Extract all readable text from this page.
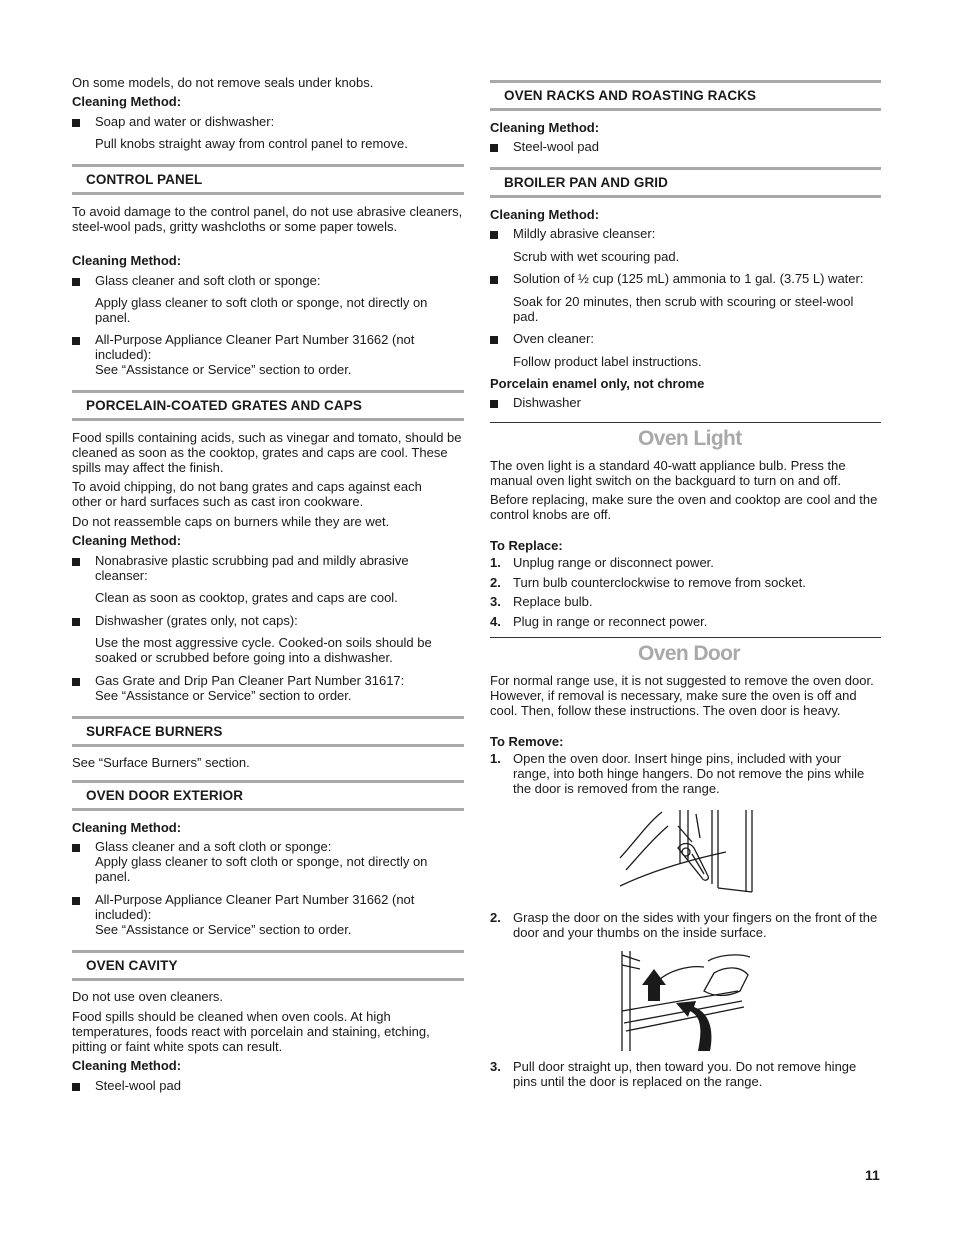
On some models, do not remove seals under knobs.

Cleaning Method:

Soap and water or dishwasher:

Pull knobs straight away from control panel to remove.

CONTROL PANEL

To avoid damage to the control panel, do not use abrasive cleaners, steel-wool pads, gritty washcloths or some paper towels.

Cleaning Method:

Glass cleaner and soft cloth or sponge:

Apply glass cleaner to soft cloth or sponge, not directly on panel.

All-Purpose Appliance Cleaner Part Number 31662 (not included):

See “Assistance or Service” section to order.

PORCELAIN-COATED GRATES AND CAPS

Food spills containing acids, such as vinegar and tomato, should be cleaned as soon as the cooktop, grates and caps are cool. These spills may affect the finish.

To avoid chipping, do not bang grates and caps against each other or hard surfaces such as cast iron cookware.

Do not reassemble caps on burners while they are wet.

Cleaning Method:

Nonabrasive plastic scrubbing pad and mildly abrasive cleanser:

Clean as soon as cooktop, grates and caps are cool.

Dishwasher (grates only, not caps):

Use the most aggressive cycle. Cooked-on soils should be soaked or scrubbed before going into a dishwasher.

Gas Grate and Drip Pan Cleaner Part Number 31617:

See “Assistance or Service” section to order.

SURFACE BURNERS

See “Surface Burners” section.

OVEN DOOR EXTERIOR

Cleaning Method:

Glass cleaner and a soft cloth or sponge:

Apply glass cleaner to soft cloth or sponge, not directly on panel.

All-Purpose Appliance Cleaner Part Number 31662 (not included):

See “Assistance or Service” section to order.

OVEN CAVITY

Do not use oven cleaners.

Food spills should be cleaned when oven cools. At high temperatures, foods react with porcelain and staining, etching, pitting or faint white spots can result.

Cleaning Method:

Steel-wool pad

OVEN RACKS AND ROASTING RACKS

Cleaning Method:

Steel-wool pad

BROILER PAN AND GRID

Cleaning Method:

Mildly abrasive cleanser:

Scrub with wet scouring pad.

Solution of ½ cup (125 mL) ammonia to 1 gal. (3.75 L) water:

Soak for 20 minutes, then scrub with scouring or steel-wool pad.

Oven cleaner:

Follow product label instructions.

Porcelain enamel only, not chrome

Dishwasher

Oven Light

The oven light is a standard 40-watt appliance bulb. Press the manual oven light switch on the backguard to turn on and off.

Before replacing, make sure the oven and cooktop are cool and the control knobs are off.

To Replace:

1. Unplug range or disconnect power.
2. Turn bulb counterclockwise to remove from socket.
3. Replace bulb.
4. Plug in range or reconnect power.
Oven Door

For normal range use, it is not suggested to remove the oven door. However, if removal is necessary, make sure the oven is off and cool. Then, follow these instructions. The oven door is heavy.

To Remove:

1. Open the oven door. Insert hinge pins, included with your range, into both hinge hangers. Do not remove the pins while the door is removed from the range.
2. Grasp the door on the sides with your fingers on the front of the door and your thumbs on the inside surface.
3. Pull door straight up, then toward you. Do not remove hinge pins until the door is replaced on the range.
11
